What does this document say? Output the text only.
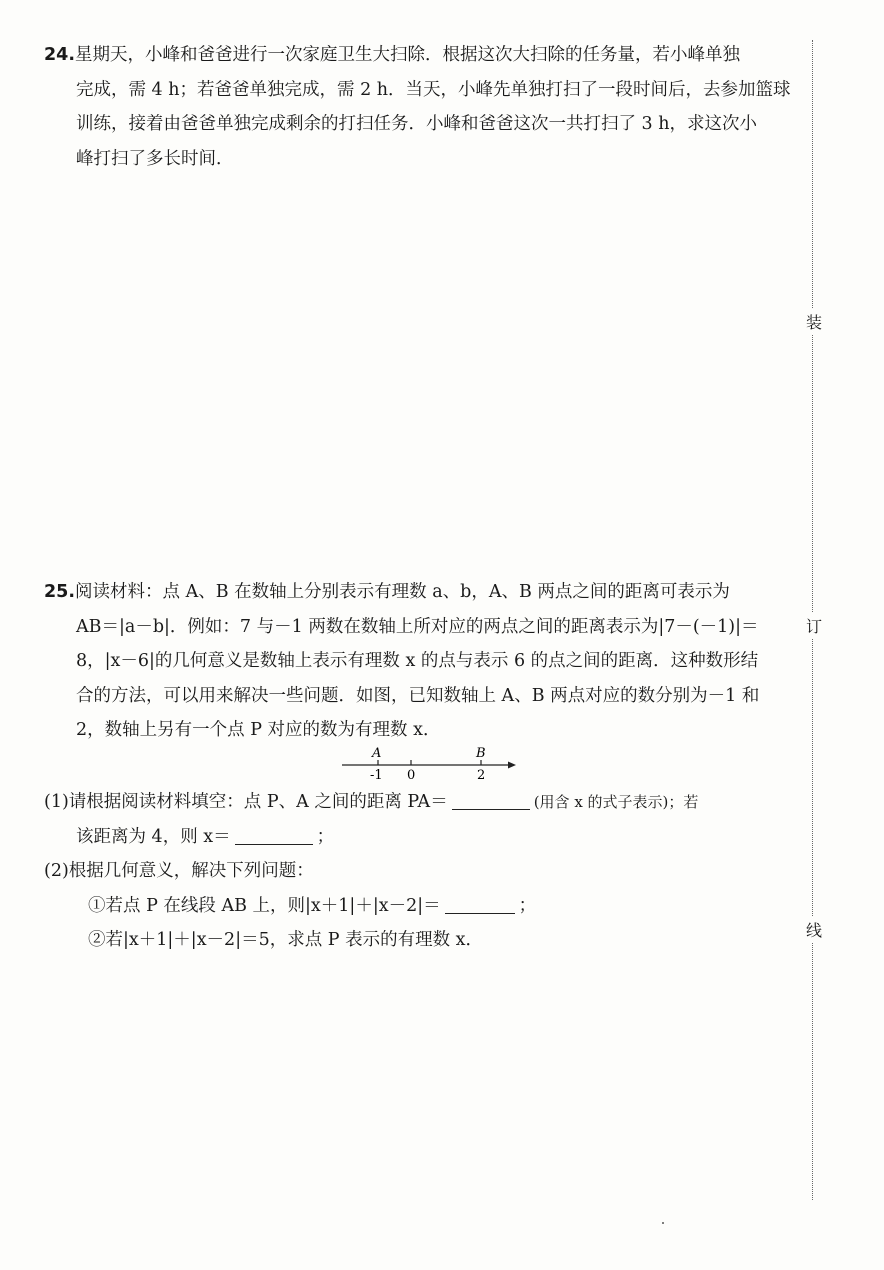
24.星期天，小峰和爸爸进行一次家庭卫生大扫除．根据这次大扫除的任务量，若小峰单独
完成，需 4 h；若爸爸单独完成，需 2 h．当天，小峰先单独打扫了一段时间后，去参加篮球
训练，接着由爸爸单独完成剩余的打扫任务．小峰和爸爸这次一共打扫了 3 h，求这次小
峰打扫了多长时间．
25.阅读材料：点 A、B 在数轴上分别表示有理数 a、b，A、B 两点之间的距离可表示为
AB＝|a－b|．例如：7 与－1 两数在数轴上所对应的两点之间的距离表示为|7－(－1)|＝
8，|x－6|的几何意义是数轴上表示有理数 x 的点与表示 6 的点之间的距离．这种数形结
合的方法，可以用来解决一些问题．如图，已知数轴上 A、B 两点对应的数分别为－1 和
2，数轴上另有一个点 P 对应的数为有理数 x．
A	B
-1 0	2
(1)请根据阅读材料填空：点 P、A 之间的距离 PA＝	(用含 x 的式子表示)；若
该距离为 4，则 x＝	；
(2)根据几何意义，解决下列问题：
①若点 P 在线段 AB 上，则|x＋1|＋|x－2|＝	；
②若|x＋1|＋|x－2|＝5，求点 P 表示的有理数 x．
装
订
线
